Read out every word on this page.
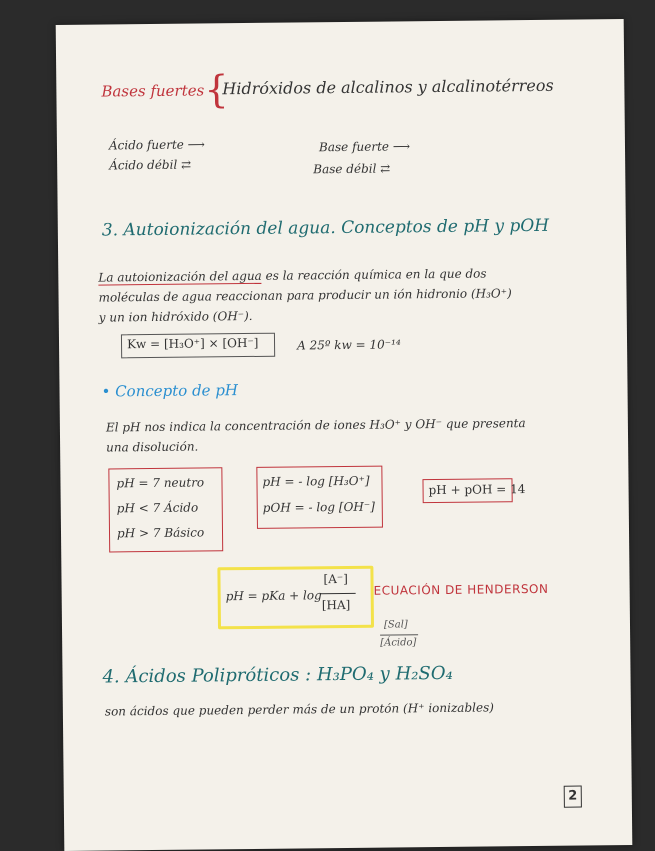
Bases fuertes {
Hidróxidos de alcalinos y alcalinotérreos
Ácido fuerte ⟶
Ácido débil ⇄
Base fuerte ⟶
Base débil ⇄
3. Autoionización del agua. Conceptos de pH y pOH
La autoionización del agua es la reacción química en la que dos
moléculas de agua reaccionan para producir un ión hidronio (H₃O⁺)
y un ion hidróxido (OH⁻).
Kw = [H₃O⁺] × [OH⁻]	A 25º kw = 10⁻¹⁴
• Concepto de pH
El pH nos indica la concentración de iones H₃O⁺ y OH⁻ que presenta
una disolución.
pH = 7 neutro
pH < 7 Ácido
pH > 7 Básico
pH = - log [H₃O⁺]
pOH = - log [OH⁻]
pH + pOH = 14
pH = pKa + log
[A⁻]
[HA]
ECUACIÓN DE HENDERSON
[Sal]
[Ácido]
4. Ácidos Polipróticos : H₃PO₄ y H₂SO₄
son ácidos que pueden perder más de un protón (H⁺ ionizables)
2
